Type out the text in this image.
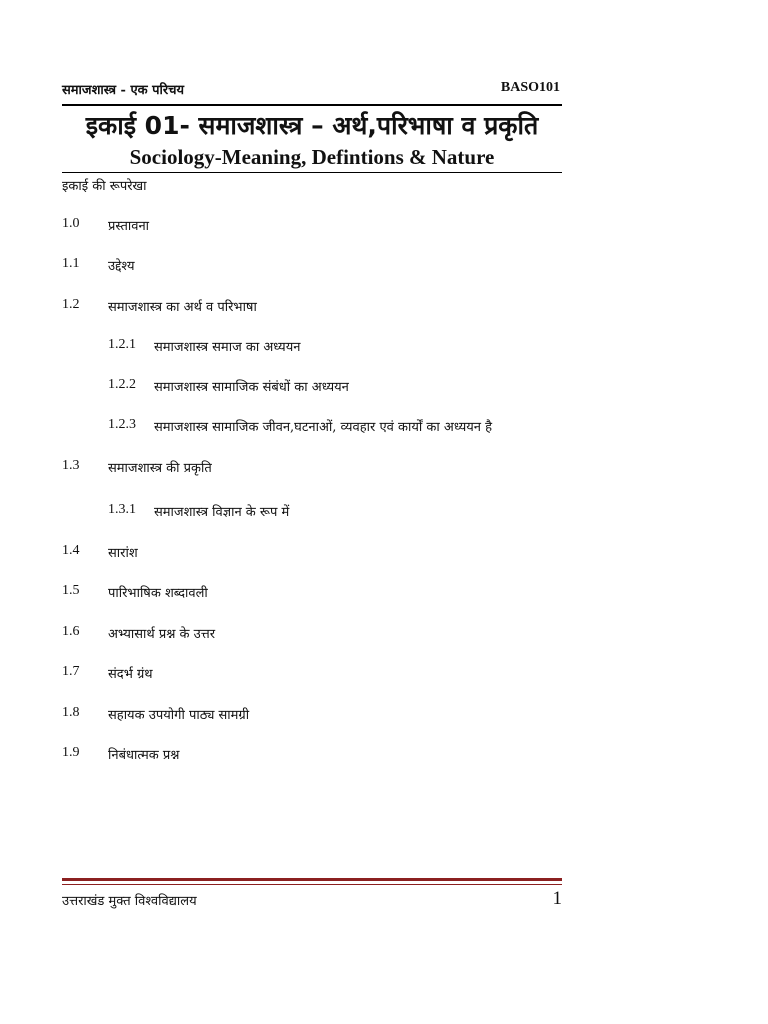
समाजशास्त्र - एक परिचय	BASO101
इकाई 01- समाजशास्त्र – अर्थ,परिभाषा व प्रकृति
Sociology-Meaning, Defintions & Nature
इकाई की रूपरेखा
1.0 प्रस्तावना
1.1 उद्देश्य
1.2 समाजशास्त्र का अर्थ व परिभाषा
1.2.1 समाजशास्त्र समाज का अध्ययन
1.2.2 समाजशास्त्र सामाजिक संबंधों का अध्ययन
1.2.3 समाजशास्त्र सामाजिक जीवन,घटनाओं, व्यवहार एवं कार्यों का अध्ययन है
1.3 समाजशास्त्र की प्रकृति
1.3.1 समाजशास्त्र विज्ञान के रूप में
1.4 सारांश
1.5 पारिभाषिक शब्दावली
1.6 अभ्यासार्थ प्रश्न के उत्तर
1.7 संदर्भ ग्रंथ
1.8 सहायक उपयोगी पाठ्य सामग्री
1.9 निबंधात्मक प्रश्न
उत्तराखंड मुक्त विश्वविद्यालय	1
